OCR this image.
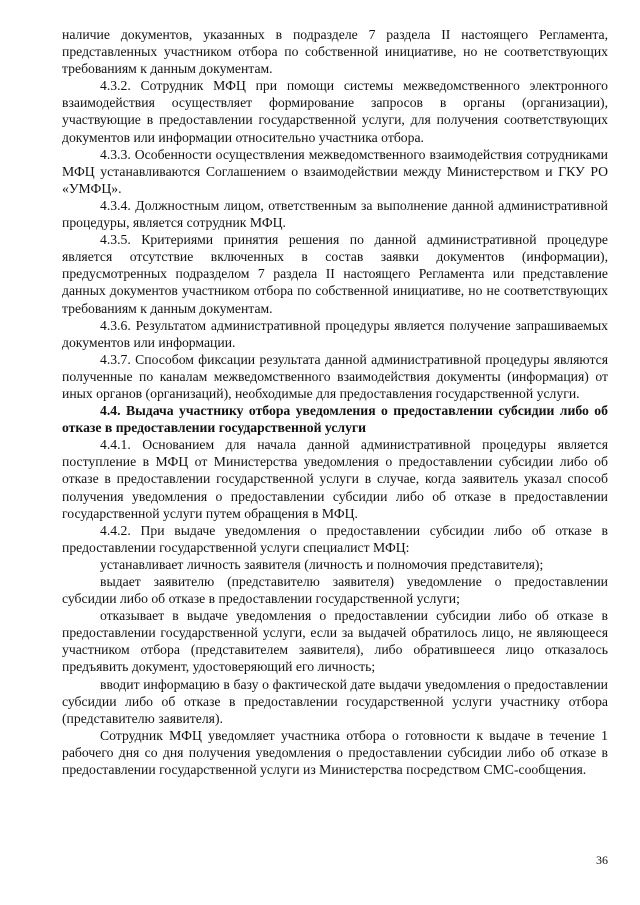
наличие документов, указанных в подразделе 7 раздела II настоящего Регламента, представленных участником отбора по собственной инициативе, но не соответствующих требованиям к данным документам.

4.3.2. Сотрудник МФЦ при помощи системы межведомственного электронного взаимодействия осуществляет формирование запросов в органы (организации), участвующие в предоставлении государственной услуги, для получения соответствующих документов или информации относительно участника отбора.

4.3.3. Особенности осуществления межведомственного взаимодействия сотрудниками МФЦ устанавливаются Соглашением о взаимодействии между Министерством и ГКУ РО «УМФЦ».

4.3.4. Должностным лицом, ответственным за выполнение данной административной процедуры, является сотрудник МФЦ.

4.3.5. Критериями принятия решения по данной административной процедуре является отсутствие включенных в состав заявки документов (информации), предусмотренных подразделом 7 раздела II настоящего Регламента или представление данных документов участником отбора по собственной инициативе, но не соответствующих требованиям к данным документам.

4.3.6. Результатом административной процедуры является получение запрашиваемых документов или информации.

4.3.7. Способом фиксации результата данной административной процедуры являются полученные по каналам межведомственного взаимодействия документы (информация) от иных органов (организаций), необходимые для предоставления государственной услуги.

4.4. Выдача участнику отбора уведомления о предоставлении субсидии либо об отказе в предоставлении государственной услуги

4.4.1. Основанием для начала данной административной процедуры является поступление в МФЦ от Министерства уведомления о предоставлении субсидии либо об отказе в предоставлении государственной услуги в случае, когда заявитель указал способ получения уведомления о предоставлении субсидии либо об отказе в предоставлении государственной услуги путем обращения в МФЦ.

4.4.2. При выдаче уведомления о предоставлении субсидии либо об отказе в предоставлении государственной услуги специалист МФЦ:

устанавливает личность заявителя (личность и полномочия представителя);

выдает заявителю (представителю заявителя) уведомление о предоставлении субсидии либо об отказе в предоставлении государственной услуги;

отказывает в выдаче уведомления о предоставлении субсидии либо об отказе в предоставлении государственной услуги, если за выдачей обратилось лицо, не являющееся участником отбора (представителем заявителя), либо обратившееся лицо отказалось предъявить документ, удостоверяющий его личность;

вводит информацию в базу о фактической дате выдачи уведомления о предоставлении субсидии либо об отказе в предоставлении государственной услуги участнику отбора (представителю заявителя).

Сотрудник МФЦ уведомляет участника отбора о готовности к выдаче в течение 1 рабочего дня со дня получения уведомления о предоставлении субсидии либо об отказе в предоставлении государственной услуги из Министерства посредством СМС-сообщения.

36
